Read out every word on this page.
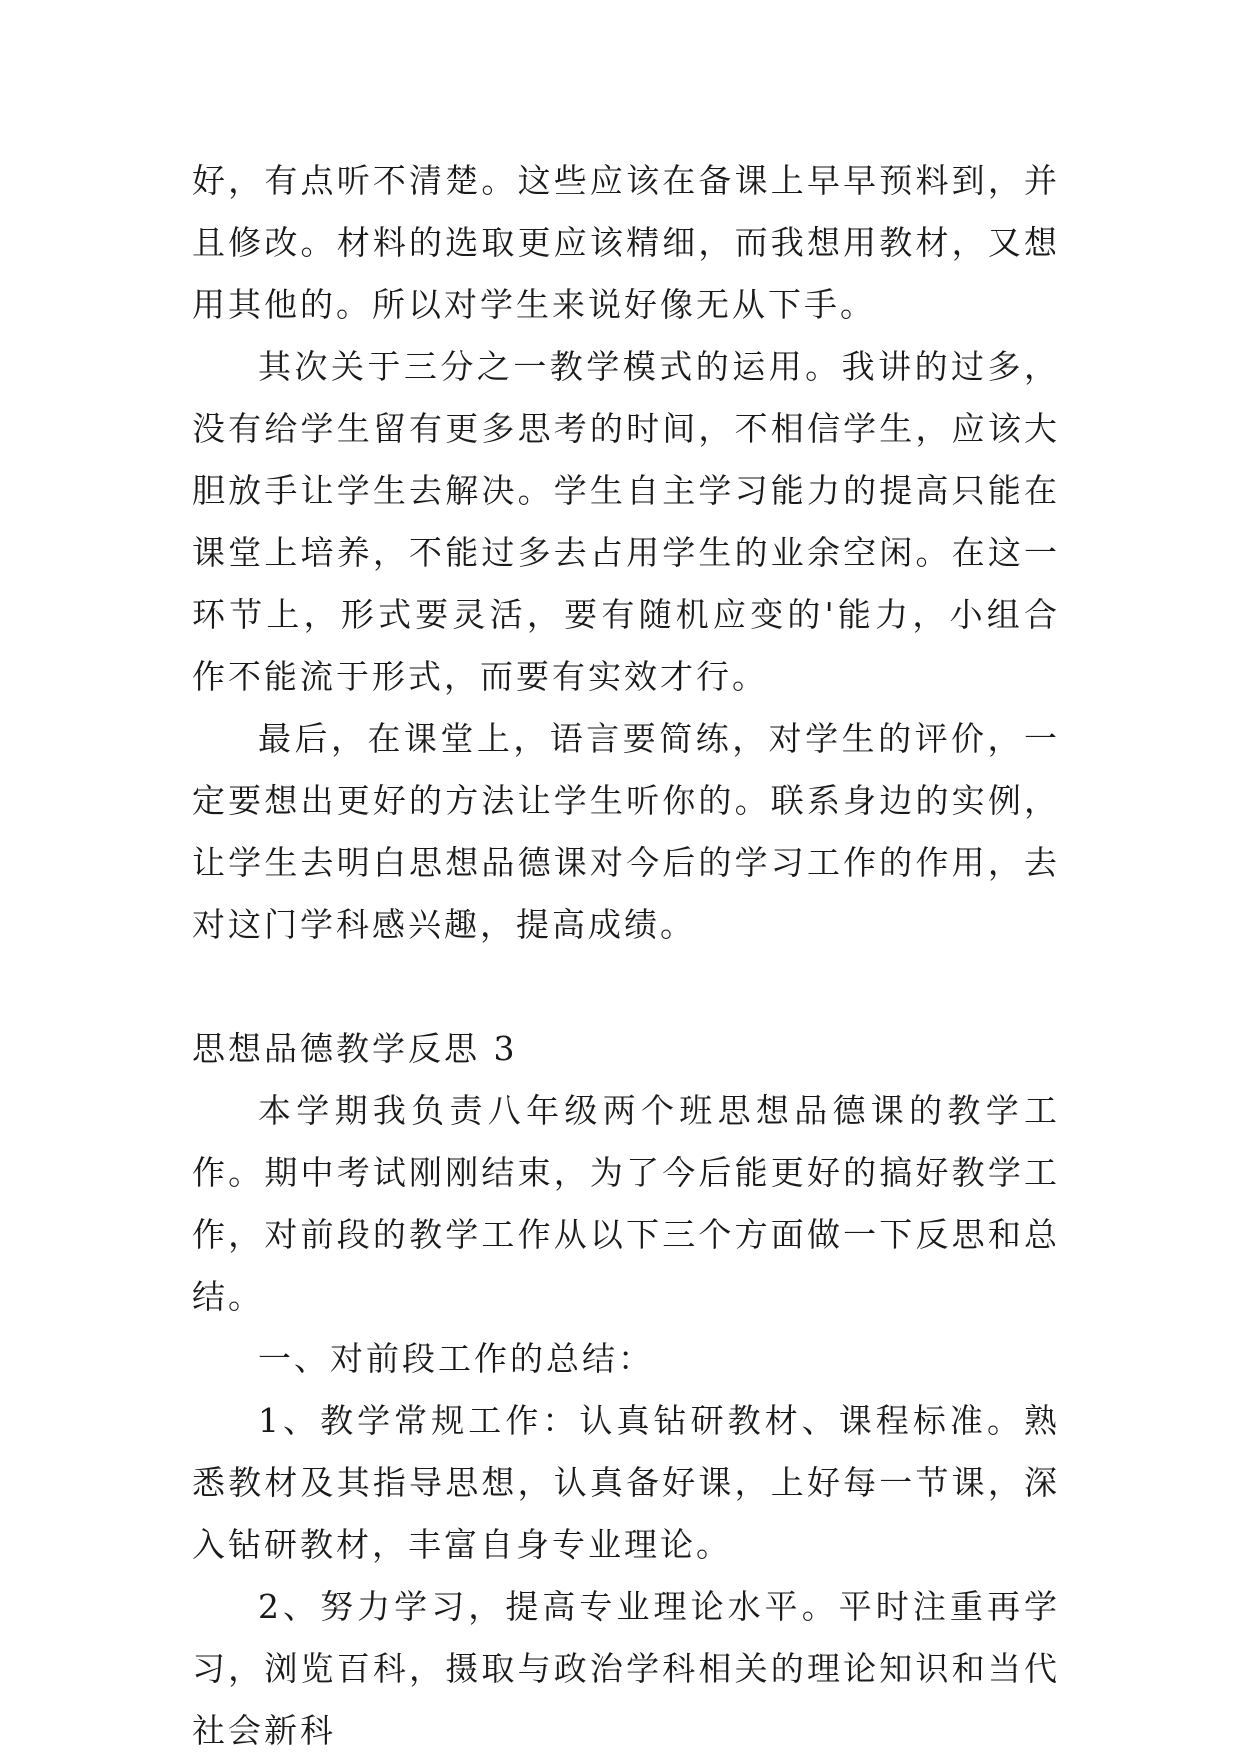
好，有点听不清楚。这些应该在备课上早早预料到，并且修改。材料的选取更应该精细，而我想用教材，又想用其他的。所以对学生来说好像无从下手。

其次关于三分之一教学模式的运用。我讲的过多，没有给学生留有更多思考的时间，不相信学生，应该大胆放手让学生去解决。学生自主学习能力的提高只能在课堂上培养，不能过多去占用学生的业余空闲。在这一环节上，形式要灵活，要有随机应变的'能力，小组合作不能流于形式，而要有实效才行。

最后，在课堂上，语言要简练，对学生的评价，一定要想出更好的方法让学生听你的。联系身边的实例，让学生去明白思想品德课对今后的学习工作的作用，去对这门学科感兴趣，提高成绩。

思想品德教学反思 3

本学期我负责八年级两个班思想品德课的教学工作。期中考试刚刚结束，为了今后能更好的搞好教学工作，对前段的教学工作从以下三个方面做一下反思和总结。

一、对前段工作的总结：

1、教学常规工作：认真钻研教材、课程标准。熟悉教材及其指导思想，认真备好课，上好每一节课，深入钻研教材，丰富自身专业理论。

2、努力学习，提高专业理论水平。平时注重再学习，浏览百科，摄取与政治学科相关的理论知识和当代社会新科
